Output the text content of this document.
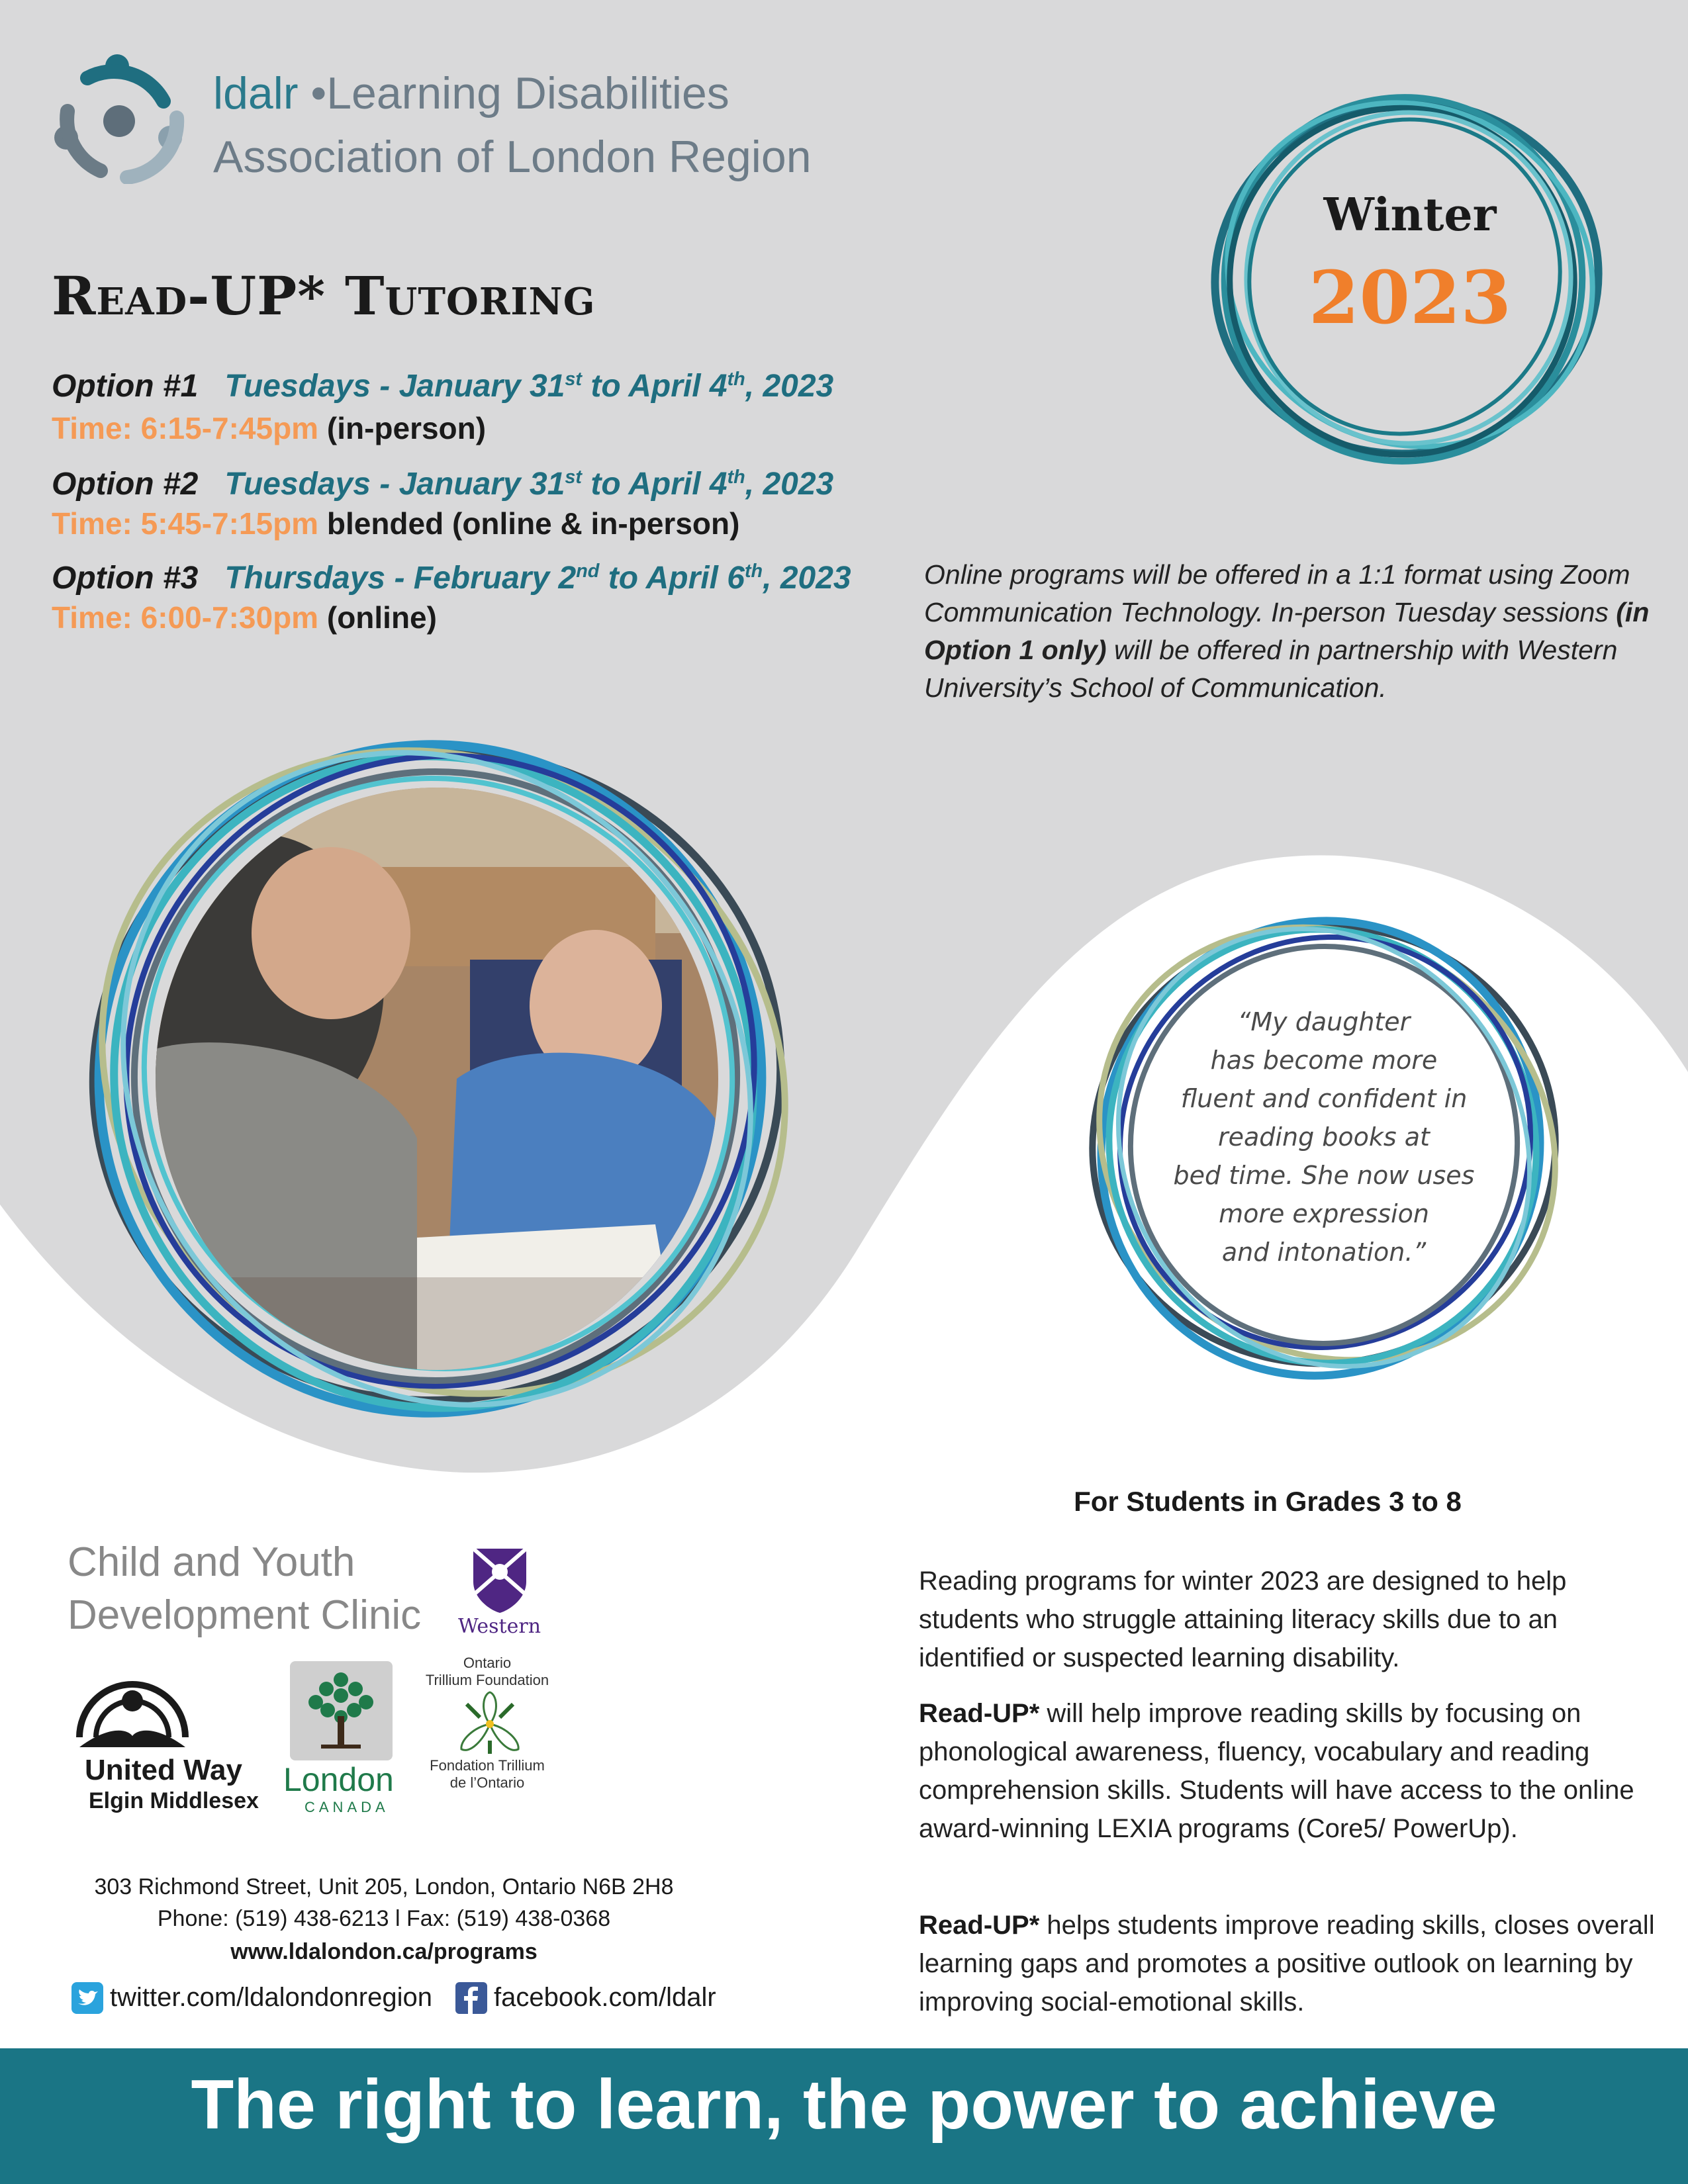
ldalr •Learning Disabilities
Association of London Region
Winter
2023
Read-UP* Tutoring
Option #1 Tuesdays - January 31st to April 4th, 2023
Time: 6:15-7:45pm (in-person)
Option #2 Tuesdays - January 31st to April 4th, 2023
Time: 5:45-7:15pm blended (online & in-person)
Option #3 Thursdays - February 2nd to April 6th, 2023
Time: 6:00-7:30pm (online)
Online programs will be offered in a 1:1 format using Zoom Communication Technology. In-person Tuesday sessions (in Option 1 only) will be offered in partnership with Western University’s School of Communication.
“My daughter
has become more
fluent and confident in
reading books at
bed time. She now uses
more expression
and intonation.”
For Students in Grades 3 to 8
Reading programs for winter 2023 are designed to help students who struggle attaining literacy skills due to an identified or suspected learning disability.
Read-UP* will help improve reading skills by focusing on phonological awareness, fluency, vocabulary and reading comprehension skills. Students will have access to the online award-winning LEXIA programs (Core5/ PowerUp).
Read-UP* helps students improve reading skills, closes overall learning gaps and promotes a positive outlook on learning by improving social-emotional skills.
Child and Youth
Development Clinic Western
United Way
Elgin Middlesex
London
CANADA
Ontario
Trillium Foundation
Fondation Trillium
de l’Ontario
303 Richmond Street, Unit 205, London, Ontario N6B 2H8
Phone: (519) 438-6213 l Fax: (519) 438-0368
www.ldalondon.ca/programs
twitter.com/ldalondonregion facebook.com/ldalr
The right to learn, the power to achieve
